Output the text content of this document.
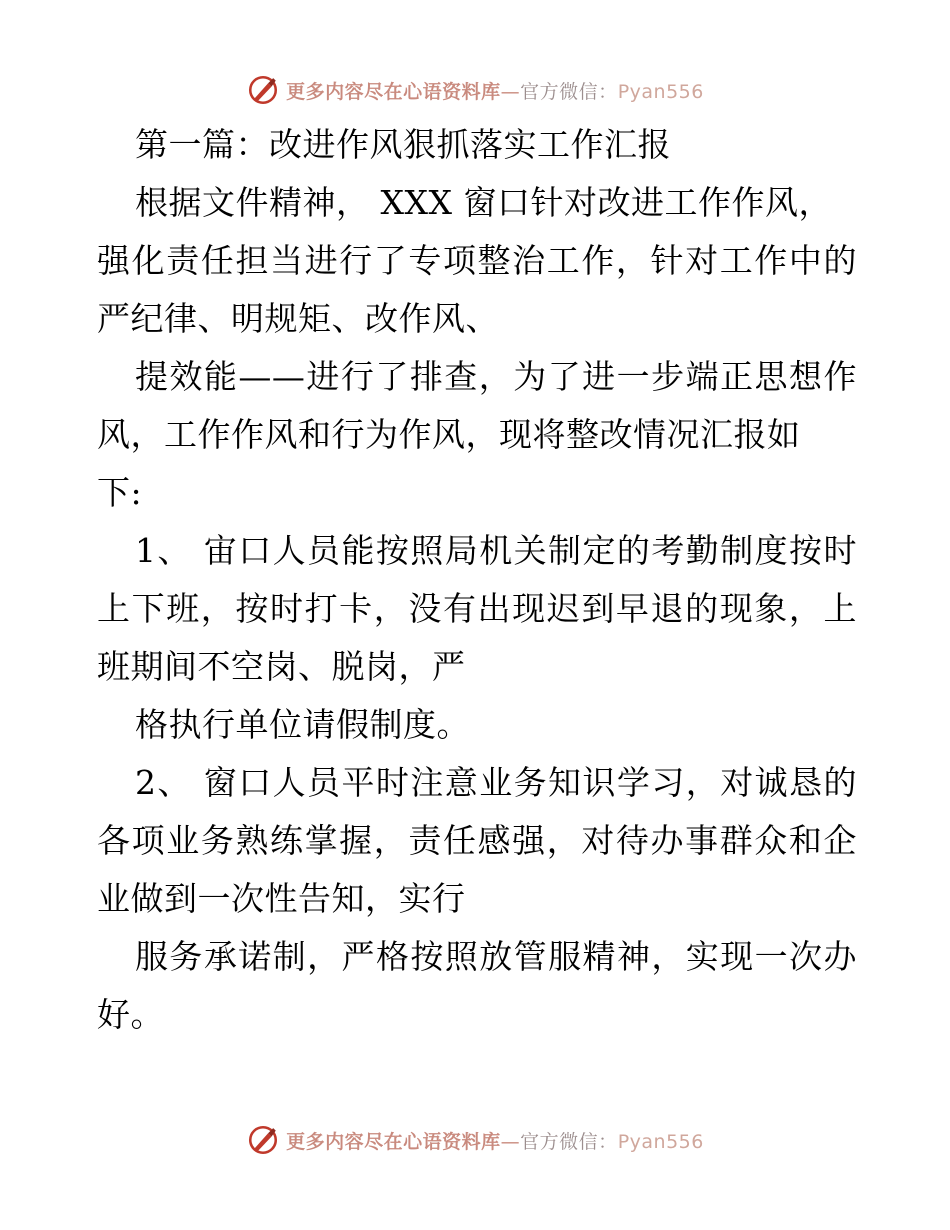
更多内容尽在心语资料库—官方微信：Pyan556
第一篇：改进作风狠抓落实工作汇报
根据文件精神， XXX 窗口针对改进工作作风，
强化责任担当进行了专项整治工作，针对工作中的
严纪律、明规矩、改作风、
提效能——进行了排查，为了进一步端正思想作
风，工作作风和行为作风，现将整改情况汇报如
下:
1、 宙口人员能按照局机关制定的考勤制度按时
上下班，按时打卡，没有出现迟到早退的现象，上
班期间不空岗、脱岗，严
格执行单位请假制度。
2、 窗口人员平时注意业务知识学习，对诚恳的
各项业务熟练掌握，责任感强，对待办事群众和企
业做到一次性告知，实行
服务承诺制，严格按照放管服精神，实现一次办
好。
更多内容尽在心语资料库—官方微信：Pyan556
